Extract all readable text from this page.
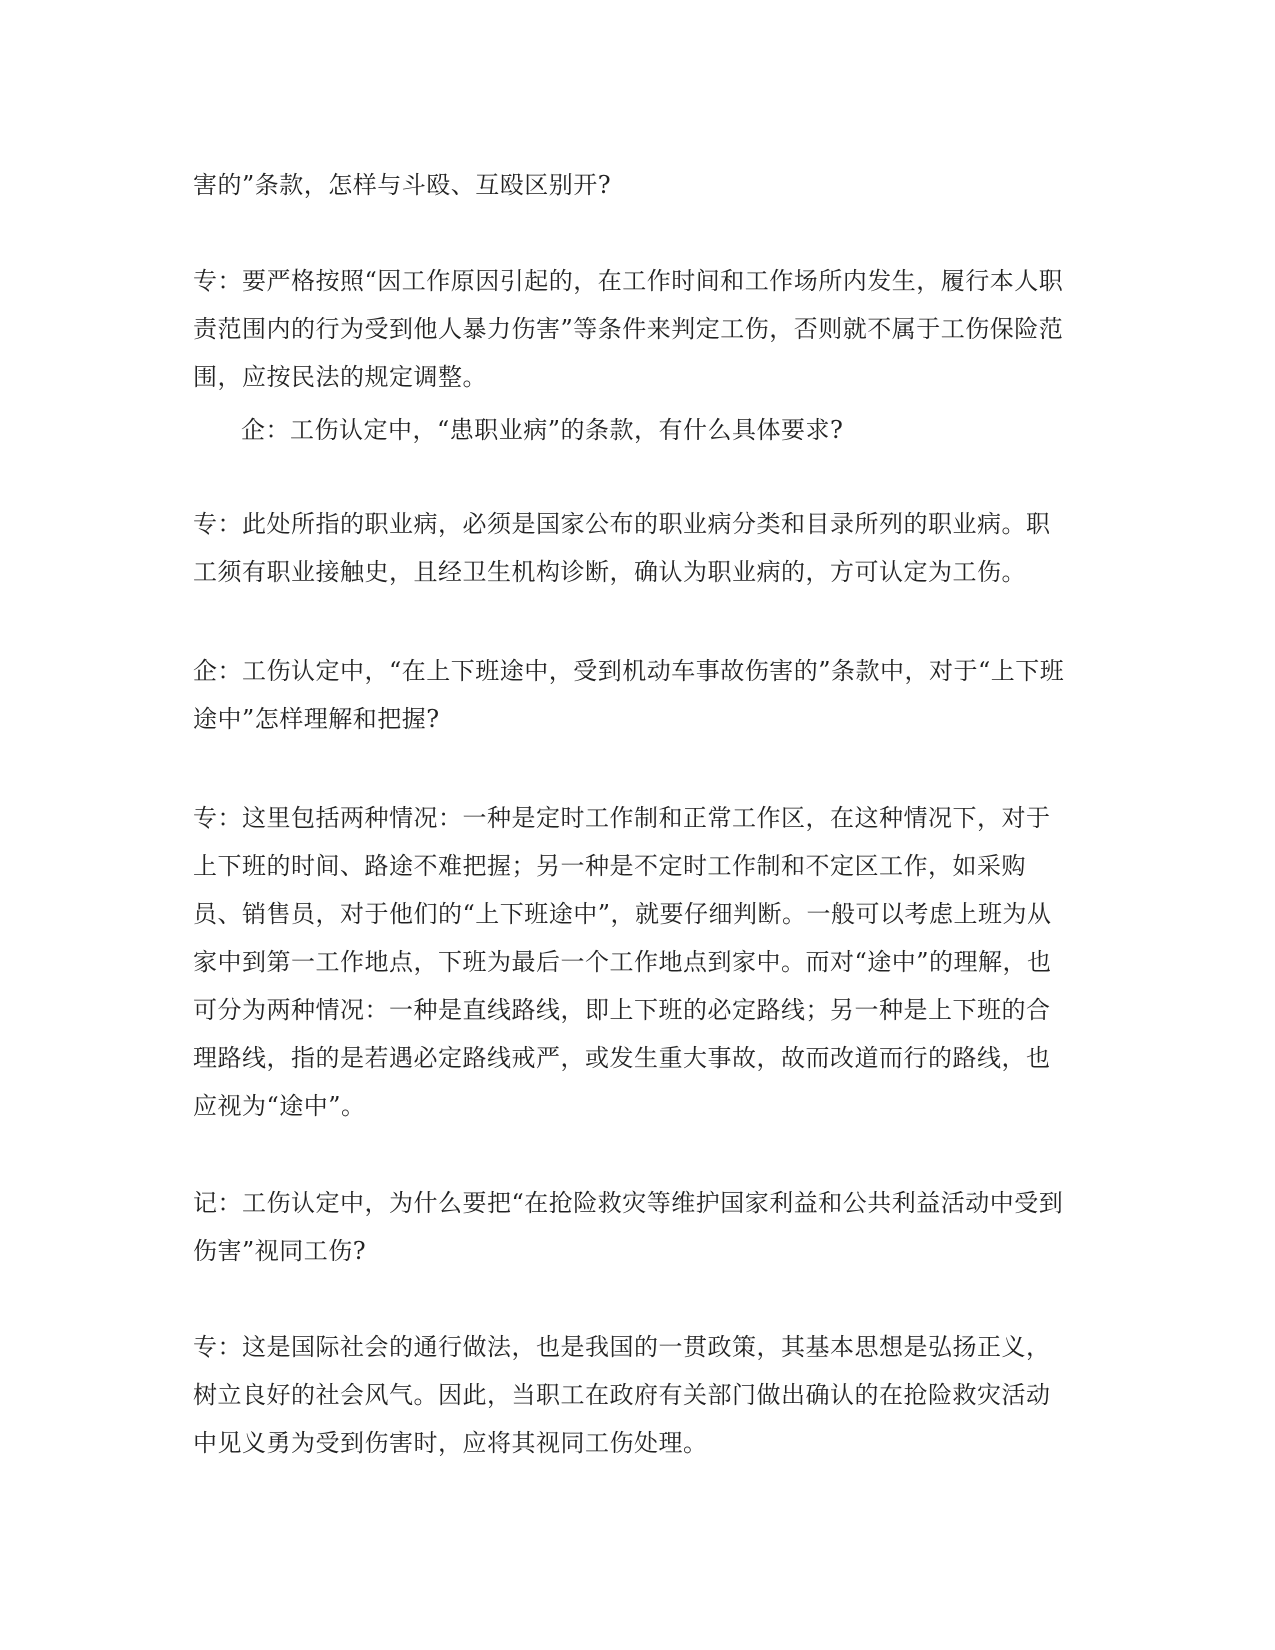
害的”条款，怎样与斗殴、互殴区别开?

专：要严格按照“因工作原因引起的，在工作时间和工作场所内发生，履行本人职责范围内的行为受到他人暴力伤害”等条件来判定工伤，否则就不属于工伤保险范围，应按民法的规定调整。

企：工伤认定中，“患职业病”的条款，有什么具体要求?

专：此处所指的职业病，必须是国家公布的职业病分类和目录所列的职业病。职工须有职业接触史，且经卫生机构诊断，确认为职业病的，方可认定为工伤。

企：工伤认定中，“在上下班途中，受到机动车事故伤害的”条款中，对于“上下班途中”怎样理解和把握?

专：这里包括两种情况：一种是定时工作制和正常工作区，在这种情况下，对于上下班的时间、路途不难把握；另一种是不定时工作制和不定区工作，如采购员、销售员，对于他们的“上下班途中”，就要仔细判断。一般可以考虑上班为从家中到第一工作地点，下班为最后一个工作地点到家中。而对“途中”的理解，也可分为两种情况：一种是直线路线，即上下班的必定路线；另一种是上下班的合理路线，指的是若遇必定路线戒严，或发生重大事故，故而改道而行的路线，也应视为“途中”。

记：工伤认定中，为什么要把“在抢险救灾等维护国家利益和公共利益活动中受到伤害”视同工伤?

专：这是国际社会的通行做法，也是我国的一贯政策，其基本思想是弘扬正义，树立良好的社会风气。因此，当职工在政府有关部门做出确认的在抢险救灾活动中见义勇为受到伤害时，应将其视同工伤处理。
